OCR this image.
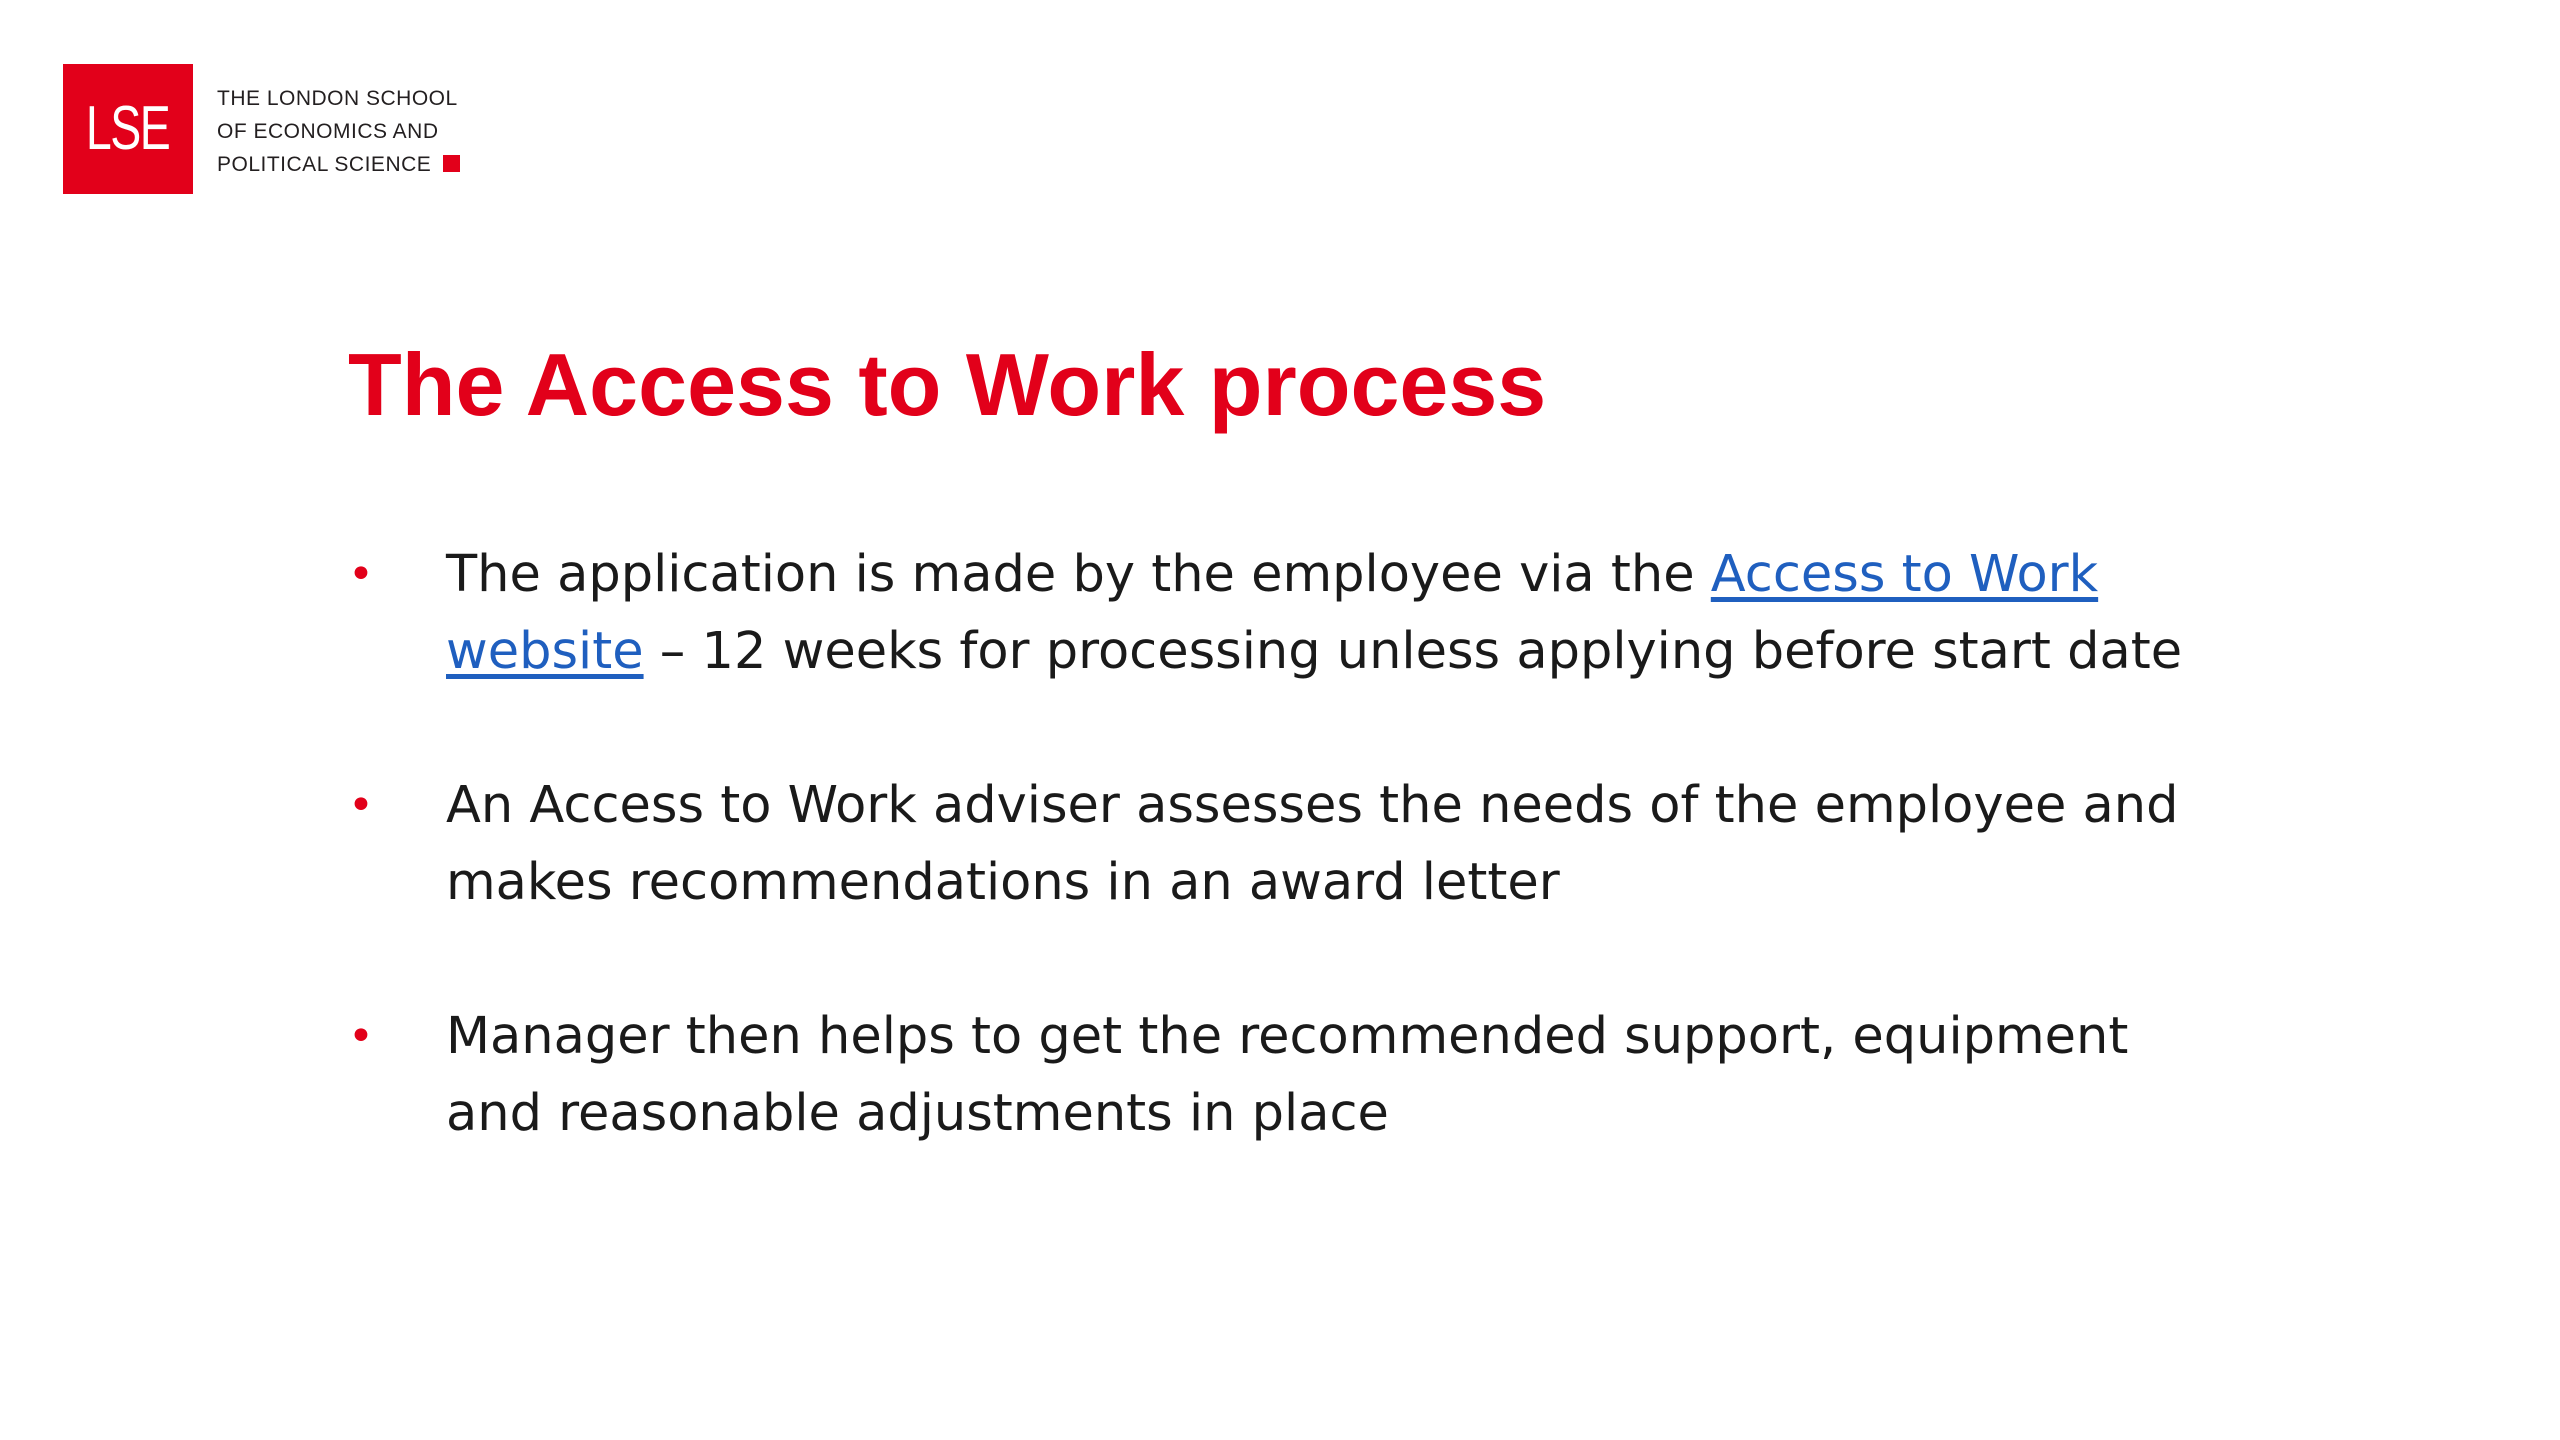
LSE THE LONDON SCHOOL
OF ECONOMICS AND
POLITICAL SCIENCE
The Access to Work process
• The application is made by the employee via the Access to Work website – 12 weeks for processing unless applying before start date
• An Access to Work adviser assesses the needs of the employee and makes recommendations in an award letter
• Manager then helps to get the recommended support, equipment and reasonable adjustments in place
